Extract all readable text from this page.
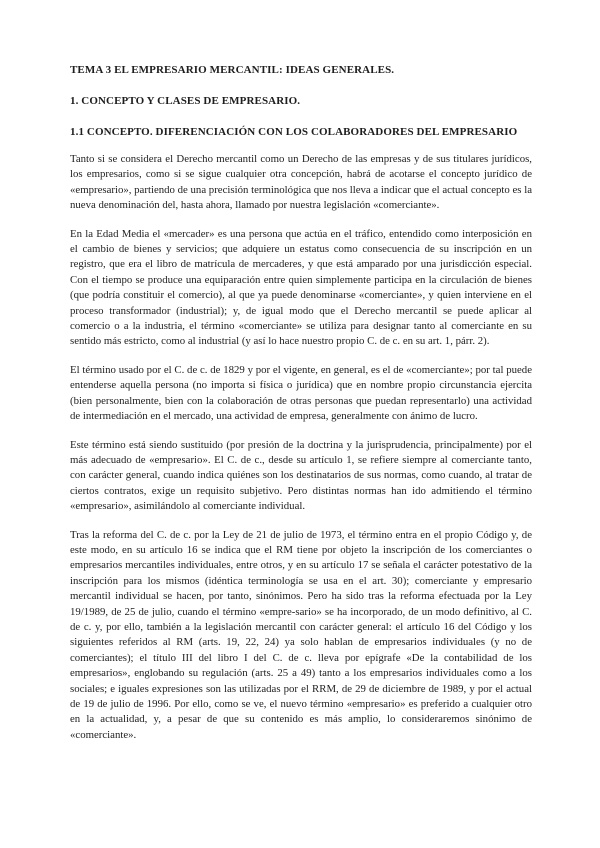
TEMA 3 EL EMPRESARIO MERCANTIL: IDEAS GENERALES.
1. CONCEPTO Y CLASES DE EMPRESARIO.
1.1 CONCEPTO. DIFERENCIACIÓN CON LOS COLABORADORES DEL EMPRESARIO

Tanto si se considera el Derecho mercantil como un Derecho de las empresas y de sus titulares jurídicos, los empresarios, como si se sigue cualquier otra concepción, habrá de acotarse el concepto jurídico de «empresario», partiendo de una precisión terminológica que nos lleva a indicar que el actual concepto es la nueva denominación del, hasta ahora, llamado por nuestra legislación «comerciante».

En la Edad Media el «mercader» es una persona que actúa en el tráfico, entendido como interposición en el cambio de bienes y servicios; que adquiere un estatus como consecuencia de su inscripción en un registro, que era el libro de matrícula de mercaderes, y que está amparado por una jurisdicción especial. Con el tiempo se produce una equiparación entre quien simplemente participa en la circulación de bienes (que podría constituir el comercio), al que ya puede denominarse «comerciante», y quien interviene en el proceso transformador (industrial); y, de igual modo que el Derecho mercantil se puede aplicar al comercio o a la industria, el término «comerciante» se utiliza para designar tanto al comerciante en su sentido más estricto, como al industrial (y así lo hace nuestro propio C. de c. en su art. 1, párr. 2).

El término usado por el C. de c. de 1829 y por el vigente, en general, es el de «comerciante»; por tal puede entenderse aquella persona (no importa si física o jurídica) que en nombre propio circunstancia ejercita (bien personalmente, bien con la colaboración de otras personas que puedan representarlo) una actividad de intermediación en el mercado, una actividad de empresa, generalmente con ánimo de lucro.

Este término está siendo sustituido (por presión de la doctrina y la jurisprudencia, principalmente) por el más adecuado de «empresario». El C. de c., desde su artículo 1, se refiere siempre al comerciante tanto, con carácter general, cuando indica quiénes son los destinatarios de sus normas, como cuando, al tratar de ciertos contratos, exige un requisito subjetivo. Pero distintas normas han ido admitiendo el término «empresario», asimilándolo al comerciante individual.

Tras la reforma del C. de c. por la Ley de 21 de julio de 1973, el término entra en el propio Código y, de este modo, en su artículo 16 se indica que el RM tiene por objeto la inscripción de los comerciantes o empresarios mercantiles individuales, entre otros, y en su artículo 17 se señala el carácter potestativo de la inscripción para los mismos (idéntica terminología se usa en el art. 30); comerciante y empresario mercantil individual se hacen, por tanto, sinónimos. Pero ha sido tras la reforma efectuada por la Ley 19/1989, de 25 de julio, cuando el término «empre-sario» se ha incorporado, de un modo definitivo, al C. de c. y, por ello, también a la legislación mercantil con carácter general: el artículo 16 del Código y los siguientes referidos al RM (arts. 19, 22, 24) ya solo hablan de empresarios individuales (y no de comerciantes); el título III del libro I del C. de c. lleva por epígrafe «De la contabilidad de los empresarios», englobando su regulación (arts. 25 a 49) tanto a los empresarios individuales como a los sociales; e iguales expresiones son las utilizadas por el RRM, de 29 de diciembre de 1989, y por el actual de 19 de julio de 1996. Por ello, como se ve, el nuevo término «empresario» es preferido a cualquier otro en la actualidad, y, a pesar de que su contenido es más amplio, lo consideraremos sinónimo de «comerciante».
